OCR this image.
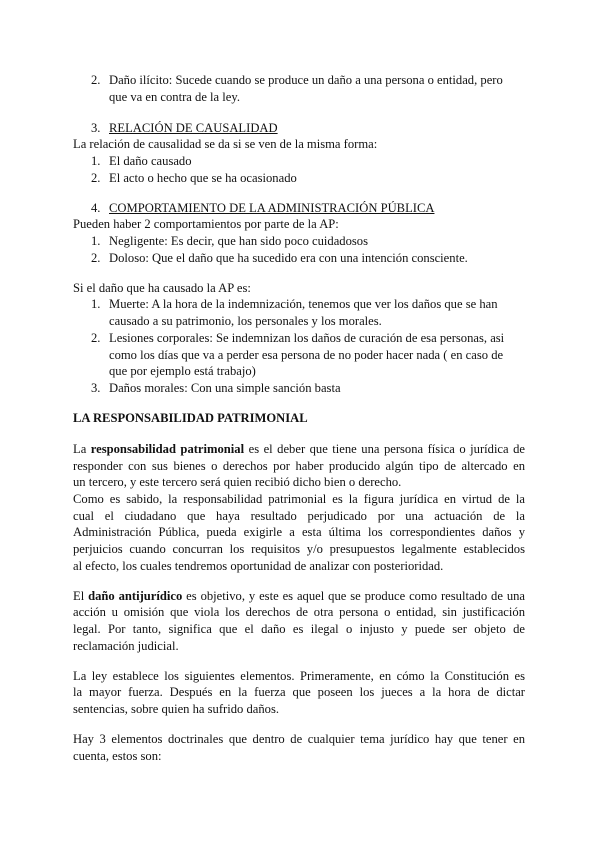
2. Daño ilícito: Sucede cuando se produce un daño a una persona o entidad, pero

que va en contra de la ley.

3. RELACIÓN DE CAUSALIDAD

La relación de causalidad se da si se ven de la misma forma:

1. El daño causado

2. El acto o hecho que se ha ocasionado

4. COMPORTAMIENTO DE LA ADMINISTRACIÓN PÚBLICA

Pueden haber 2 comportamientos por parte de la AP:

1. Negligente: Es decir, que han sido poco cuidadosos

2. Doloso: Que el daño que ha sucedido era con una intención consciente.

Si el daño que ha causado la AP es:

1. Muerte: A la hora de la indemnización, tenemos que ver los daños que se han

causado a su patrimonio, los personales y los morales.

2. Lesiones corporales: Se indemnizan los daños de curación de esa personas, asi

como los días que va a perder esa persona de no poder hacer nada ( en caso de

que por ejemplo está trabajo)

3. Daños morales: Con una simple sanción basta

LA RESPONSABILIDAD PATRIMONIAL

La responsabilidad patrimonial es el deber que tiene una persona física o jurídica de

responder con sus bienes o derechos por haber producido algún tipo de altercado en

un tercero, y este tercero será quien recibió dicho bien o derecho.

Como es sabido, la responsabilidad patrimonial es la figura jurídica en virtud de la

cual el ciudadano que haya resultado perjudicado por una actuación de la

Administración Pública, pueda exigirle a esta última los correspondientes daños y

perjuicios cuando concurran los requisitos y/o presupuestos legalmente establecidos

al efecto, los cuales tendremos oportunidad de analizar con posterioridad.

El daño antijurídico es objetivo, y este es aquel que se produce como resultado de una

acción u omisión que viola los derechos de otra persona o entidad, sin justificación

legal. Por tanto, significa que el daño es ilegal o injusto y puede ser objeto de

reclamación judicial.

La ley establece los siguientes elementos. Primeramente, en cómo la Constitución es

la mayor fuerza. Después en la fuerza que poseen los jueces a la hora de dictar

sentencias, sobre quien ha sufrido daños.

Hay 3 elementos doctrinales que dentro de cualquier tema jurídico hay que tener en

cuenta, estos son:
